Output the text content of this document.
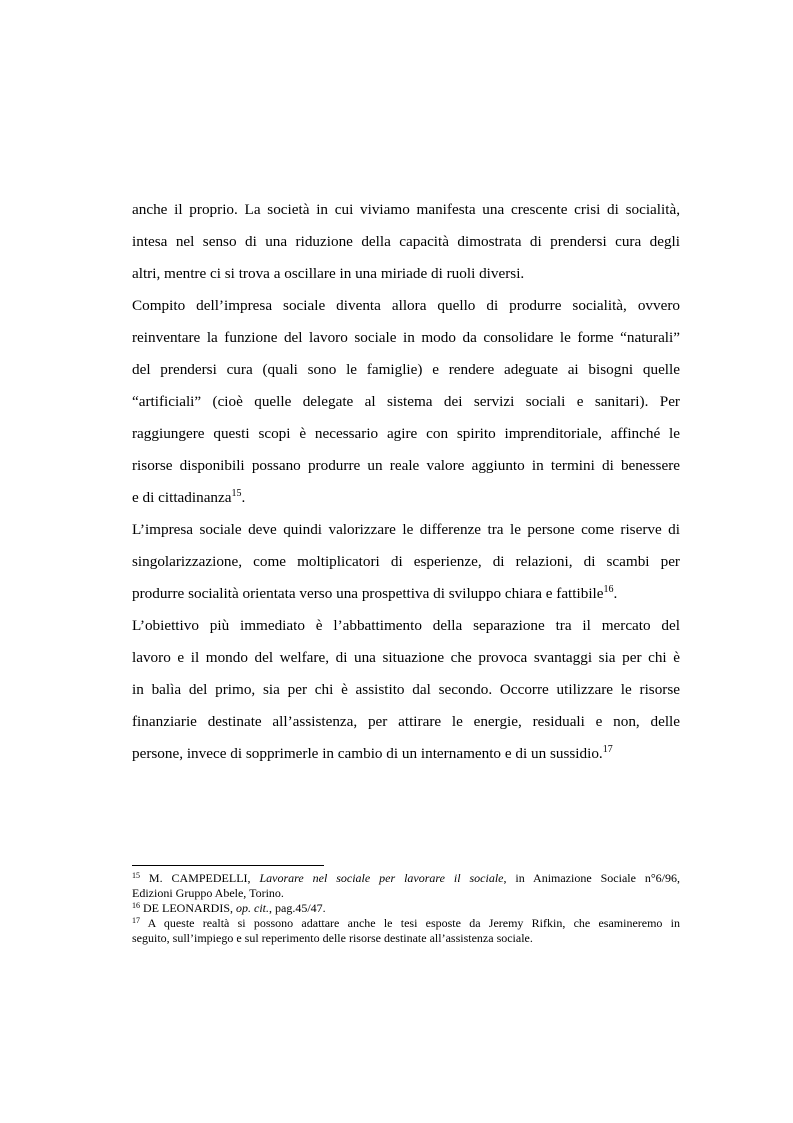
anche il proprio. La società in cui viviamo manifesta una crescente crisi di socialità,
intesa nel senso di una riduzione della capacità dimostrata di prendersi cura degli
altri, mentre ci si trova a oscillare in una miriade di ruoli diversi.
Compito dell’impresa sociale diventa allora quello di produrre socialità, ovvero
reinventare la funzione del lavoro sociale in modo da consolidare le forme “naturali”
del prendersi cura (quali sono le famiglie) e rendere adeguate ai bisogni quelle
“artificiali” (cioè quelle delegate al sistema dei servizi sociali e sanitari). Per
raggiungere questi scopi è necessario agire con spirito imprenditoriale, affinché le
risorse disponibili possano produrre un reale valore aggiunto in termini di benessere
e di cittadinanza$^{15}$.
L’impresa sociale deve quindi valorizzare le differenze tra le persone come riserve di
singolarizzazione, come moltiplicatori di esperienze, di relazioni, di scambi per
produrre socialità orientata verso una prospettiva di sviluppo chiara e fattibile$^{16}$.
L’obiettivo più immediato è l’abbattimento della separazione tra il mercato del
lavoro e il mondo del welfare, di una situazione che provoca svantaggi sia per chi è
in balìa del primo, sia per chi è assistito dal secondo. Occorre utilizzare le risorse
finanziarie destinate all’assistenza, per attirare le energie, residuali e non, delle
persone, invece di sopprimerle in cambio di un internamento e di un sussidio.$^{17}$
$^{15}$ M. CAMPEDELLI, Lavorare nel sociale per lavorare il sociale, in Animazione Sociale n°6/96,
Edizioni Gruppo Abele, Torino.
$^{16}$ DE LEONARDIS, op. cit., pag.45/47.
$^{17}$ A queste realtà si possono adattare anche le tesi esposte da Jeremy Rifkin, che esamineremo in
seguito, sull’impiego e sul reperimento delle risorse destinate all’assistenza sociale.
